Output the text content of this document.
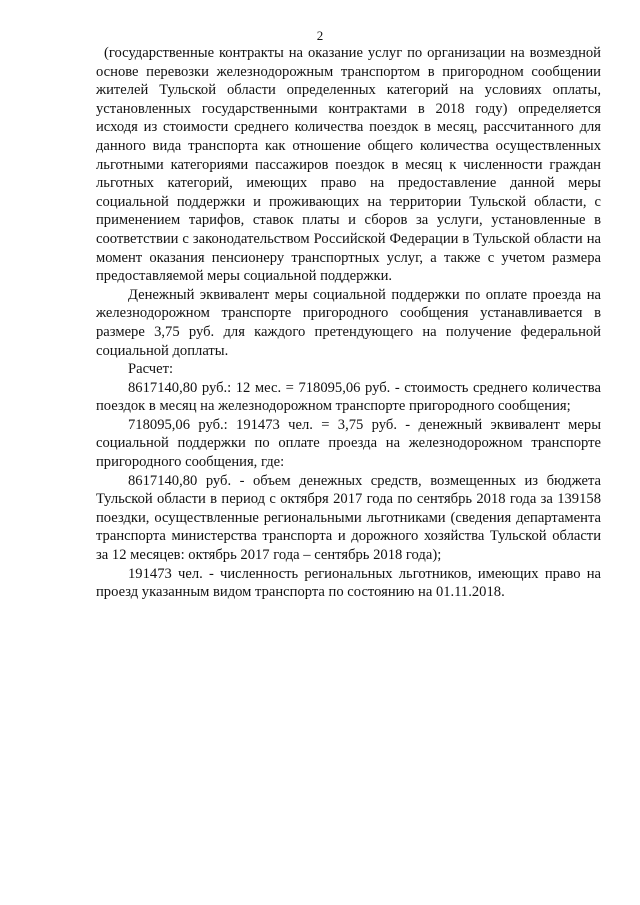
2

(государственные контракты на оказание услуг по организации на возмездной основе перевозки железнодорожным транспортом в пригородном сообщении жителей Тульской области определенных категорий на условиях оплаты, установленных государственными контрактами в 2018 году) определяется исходя из стоимости среднего количества поездок в месяц, рассчитанного для данного вида транспорта как отношение общего количества осуществленных льготными категориями пассажиров поездок в месяц к численности граждан льготных категорий, имеющих право на предоставление данной меры социальной поддержки и проживающих на территории Тульской области, с применением тарифов, ставок платы и сборов за услуги, установленные в соответствии с законодательством Российской Федерации в Тульской области на момент оказания пенсионеру транспортных услуг, а также с учетом размера предоставляемой меры социальной поддержки.

Денежный эквивалент меры социальной поддержки по оплате проезда на железнодорожном транспорте пригородного сообщения устанавливается в размере 3,75 руб. для каждого претендующего на получение федеральной социальной доплаты.

Расчет:

8617140,80 руб.: 12 мес. = 718095,06 руб. - стоимость среднего количества поездок в месяц на железнодорожном транспорте пригородного сообщения;

718095,06 руб.: 191473 чел. = 3,75 руб. - денежный эквивалент меры социальной поддержки по оплате проезда на железнодорожном транспорте пригородного сообщения, где:

8617140,80 руб. - объем денежных средств, возмещенных из бюджета Тульской области в период с октября 2017 года по сентябрь 2018 года за 139158 поездки, осуществленные региональными льготниками (сведения департамента транспорта министерства транспорта и дорожного хозяйства Тульской области за 12 месяцев: октябрь 2017 года – сентябрь 2018 года);

191473 чел. - численность региональных льготников, имеющих право на проезд указанным видом транспорта по состоянию на 01.11.2018.
